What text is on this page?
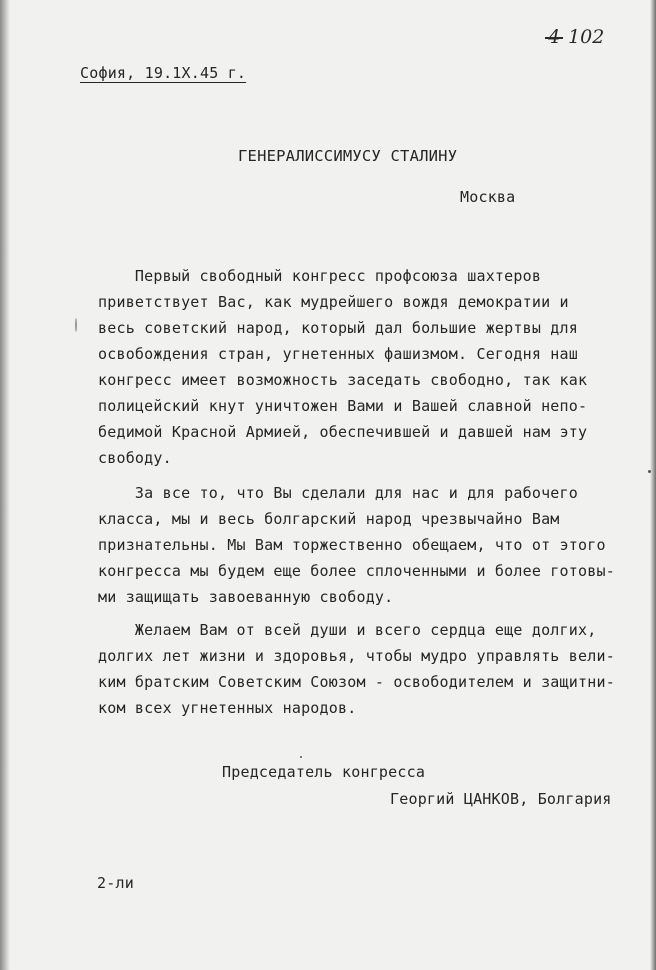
4 102
София, 19.1Х.45 г.
ГЕНЕРАЛИССИМУСУ СТАЛИНУ
Москва
Первый свободный конгресс профсоюза шахтеров
приветствует Вас, как мудрейшего вождя демократии и
весь советский народ, который дал большие жертвы для
освобождения стран, угнетенных фашизмом. Сегодня наш
конгресс имеет возможность заседать свободно, так как
полицейский кнут уничтожен Вами и Вашей славной непо-
бедимой Красной Армией, обеспечившей и давшей нам эту
свободу.
За все то, что Вы сделали для нас и для рабочего
класса, мы и весь болгарский народ чрезвычайно Вам
признательны. Мы Вам торжественно обещаем, что от этого
конгресса мы будем еще более сплоченными и более готовы-
ми защищать завоеванную свободу.
Желаем Вам от всей души и всего сердца еще долгих,
долгих лет жизни и здоровья, чтобы мудро управлять вели-
ким братским Советским Союзом - освободителем и защитни-
ком всех угнетенных народов.
Председатель конгресса
Георгий ЦАНКОВ, Болгария
2-ли
